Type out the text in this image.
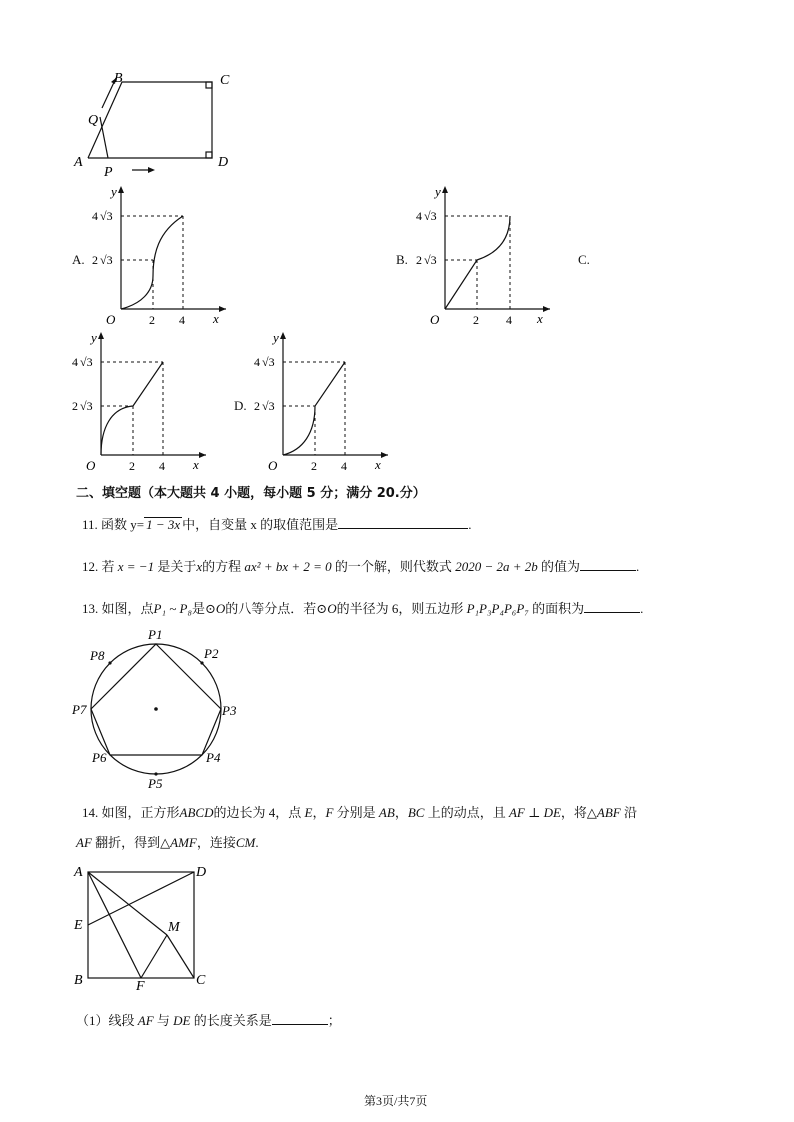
B	C
Q
A
P
D
A.
y
x
O
4 √3
2 √3
2 4
B.
y
x
O
4 √3
2 √3
2 4
C.
y
x
O
4 √3
2 √3
2 4
D.
y
x
O
4 √3
2 √3
2 4
二、填空题（本大题共 4 小题，每小题 5 分；满分 20.分）
11. 函数 y= 1 − 3x 中，自变量 x 的取值范围是	.
12. 若 x = −1 是关于x的方程 ax² + bx + 2 = 0 的一个解，则代数式 2020 − 2a + 2b 的值为	.
13. 如图，点P₁ ~ P₈是⊙O的八等分点．若⊙O的半径为 6，则五边形 P₁P₃P₄P₆P₇ 的面积为	.
P1
P2
P3
P4
P5
P6
P7
P8
14. 如图，正方形ABCD的边长为 4，点 E，F 分别是 AB，BC 上的动点，且 AF ⊥ DE，将△ABF 沿
AF 翻折，得到△AMF，连接CM.
A	D
E	M
B	F	C
（1）线段 AF 与 DE 的长度关系是	；
第3页/共7页
